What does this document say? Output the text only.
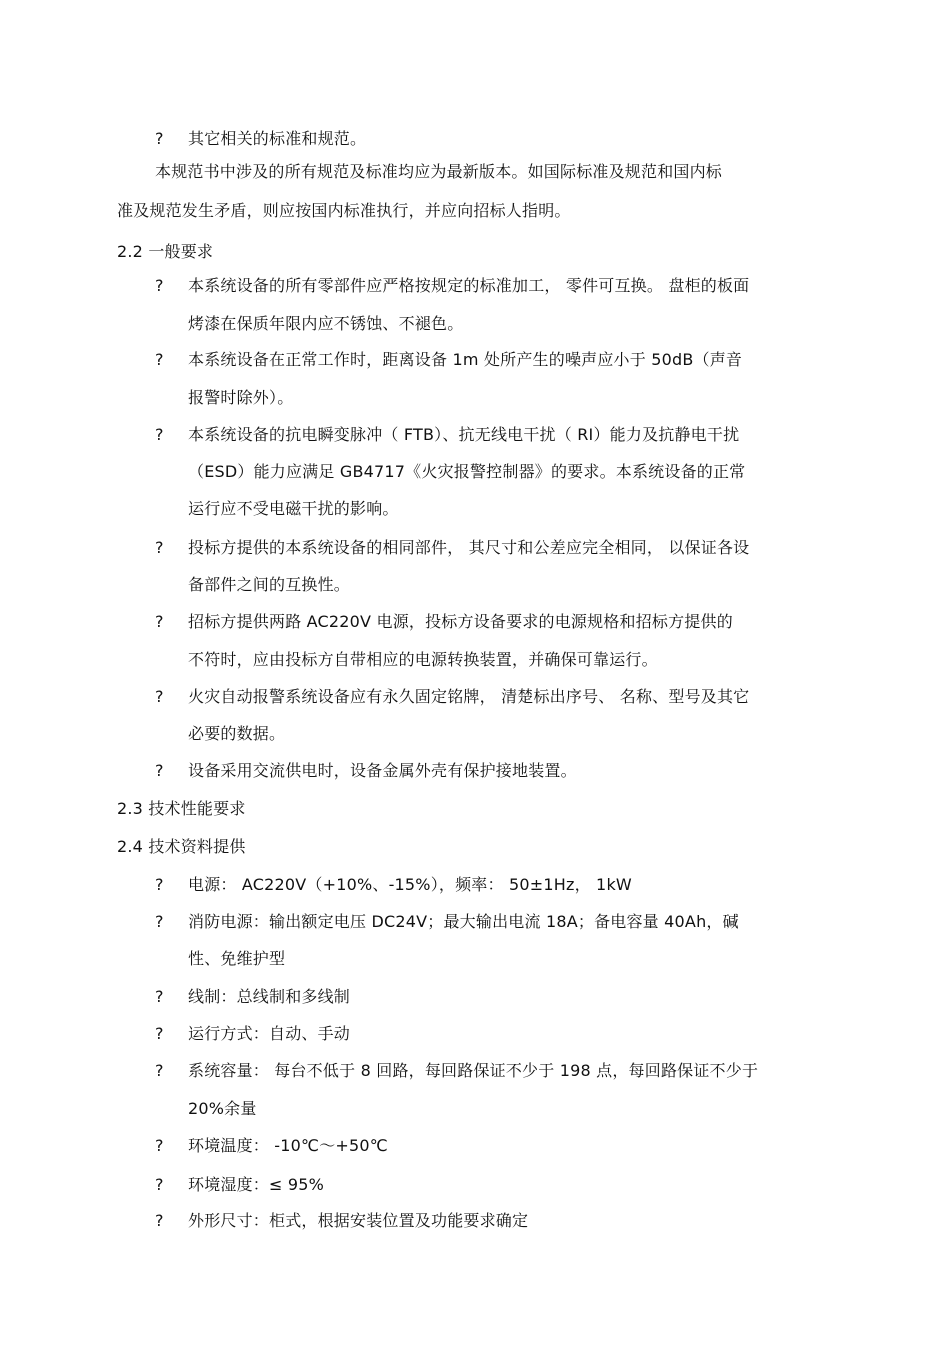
? 其它相关的标准和规范。
本规范书中涉及的所有规范及标准均应为最新版本。如国际标准及规范和国内标
准及规范发生矛盾，则应按国内标准执行，并应向招标人指明。
2.2 一般要求
? 本系统设备的所有零部件应严格按规定的标准加工， 零件可互换。 盘柜的板面
烤漆在保质年限内应不锈蚀、不褪色。
? 本系统设备在正常工作时，距离设备 1m 处所产生的噪声应小于 50dB（声音
报警时除外）。
? 本系统设备的抗电瞬变脉冲（ FTB）、抗无线电干扰（ RI）能力及抗静电干扰
（ESD）能力应满足 GB4717《火灾报警控制器》的要求。本系统设备的正常
运行应不受电磁干扰的影响。
? 投标方提供的本系统设备的相同部件， 其尺寸和公差应完全相同， 以保证各设
备部件之间的互换性。
? 招标方提供两路 AC220V 电源，投标方设备要求的电源规格和招标方提供的
不符时，应由投标方自带相应的电源转换装置，并确保可靠运行。
? 火灾自动报警系统设备应有永久固定铭牌， 清楚标出序号、 名称、型号及其它
必要的数据。
? 设备采用交流供电时，设备金属外壳有保护接地装置。
2.3 技术性能要求
2.4 技术资料提供
? 电源： AC220V（+10%、-15%），频率： 50±1Hz， 1kW
? 消防电源：输出额定电压 DC24V；最大输出电流 18A；备电容量 40Ah，碱
性、免维护型
? 线制：总线制和多线制
? 运行方式：自动、手动
? 系统容量： 每台不低于 8 回路，每回路保证不少于 198 点，每回路保证不少于
20%余量
? 环境温度： -10℃～+50℃
? 环境湿度：≤ 95%
? 外形尺寸：柜式，根据安装位置及功能要求确定
